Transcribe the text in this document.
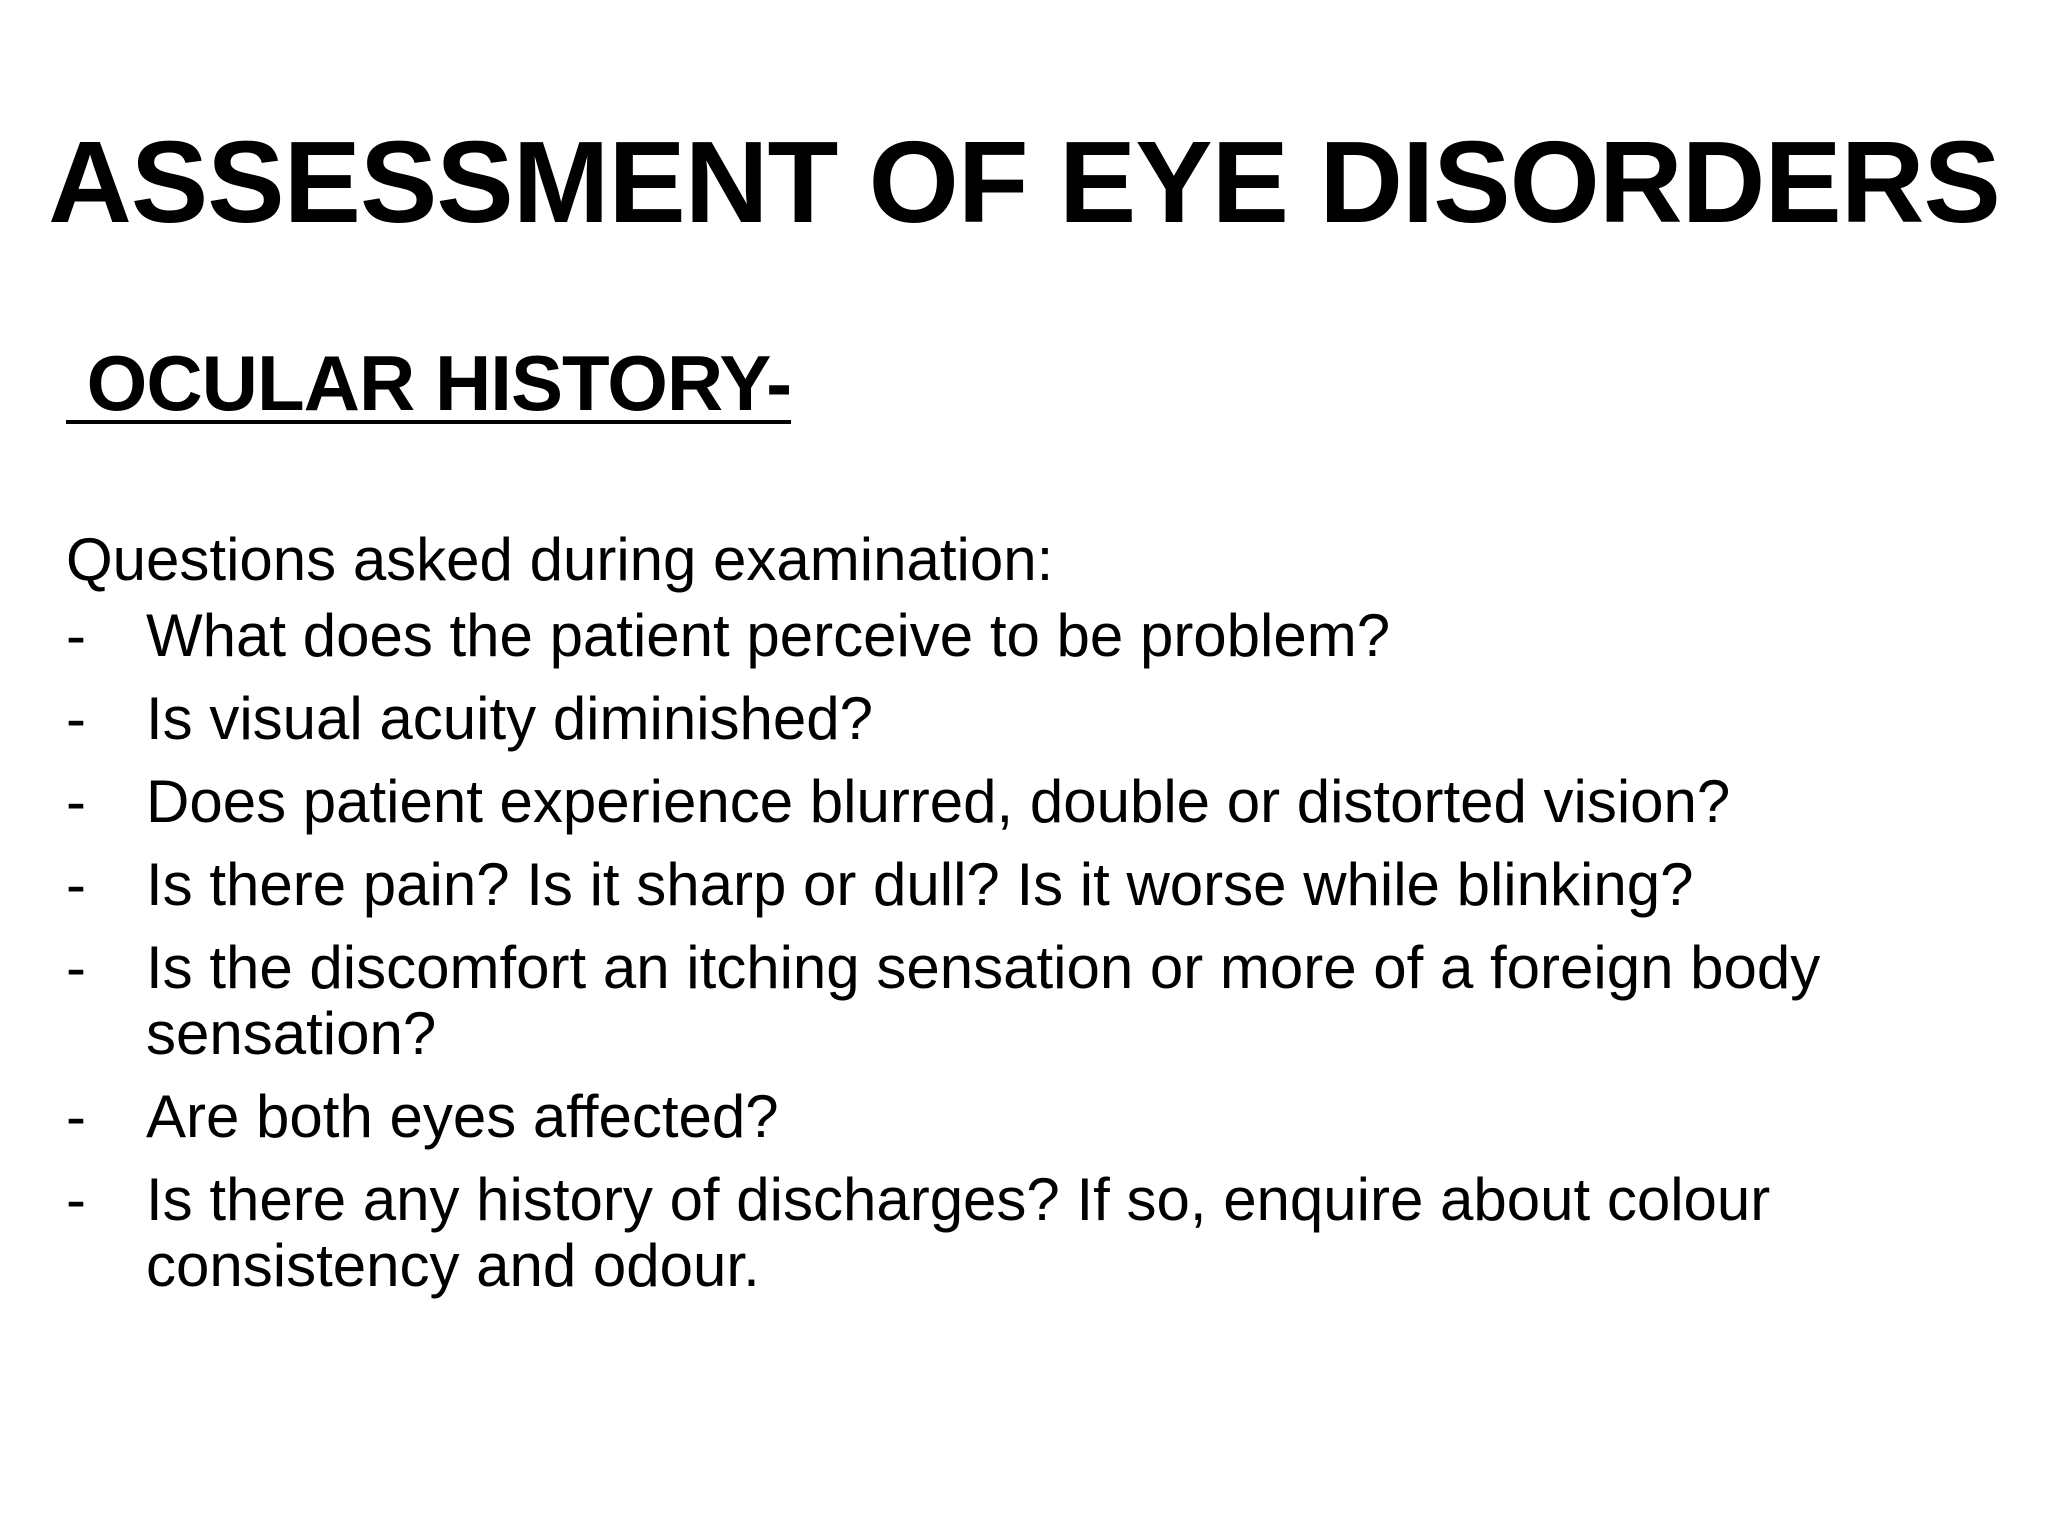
ASSESSMENT OF EYE DISORDERS
OCULAR HISTORY-

Questions asked during examination:

-	What does the patient perceive to be problem?
-	Is visual acuity diminished?
-	Does patient experience blurred, double or distorted vision?
-	Is there pain? Is it sharp or dull? Is it worse while blinking?
-	Is the discomfort an itching sensation or more of a foreign body sensation?
-	Are both eyes affected?
-	Is there any history of discharges? If so, enquire about colour consistency and odour.
